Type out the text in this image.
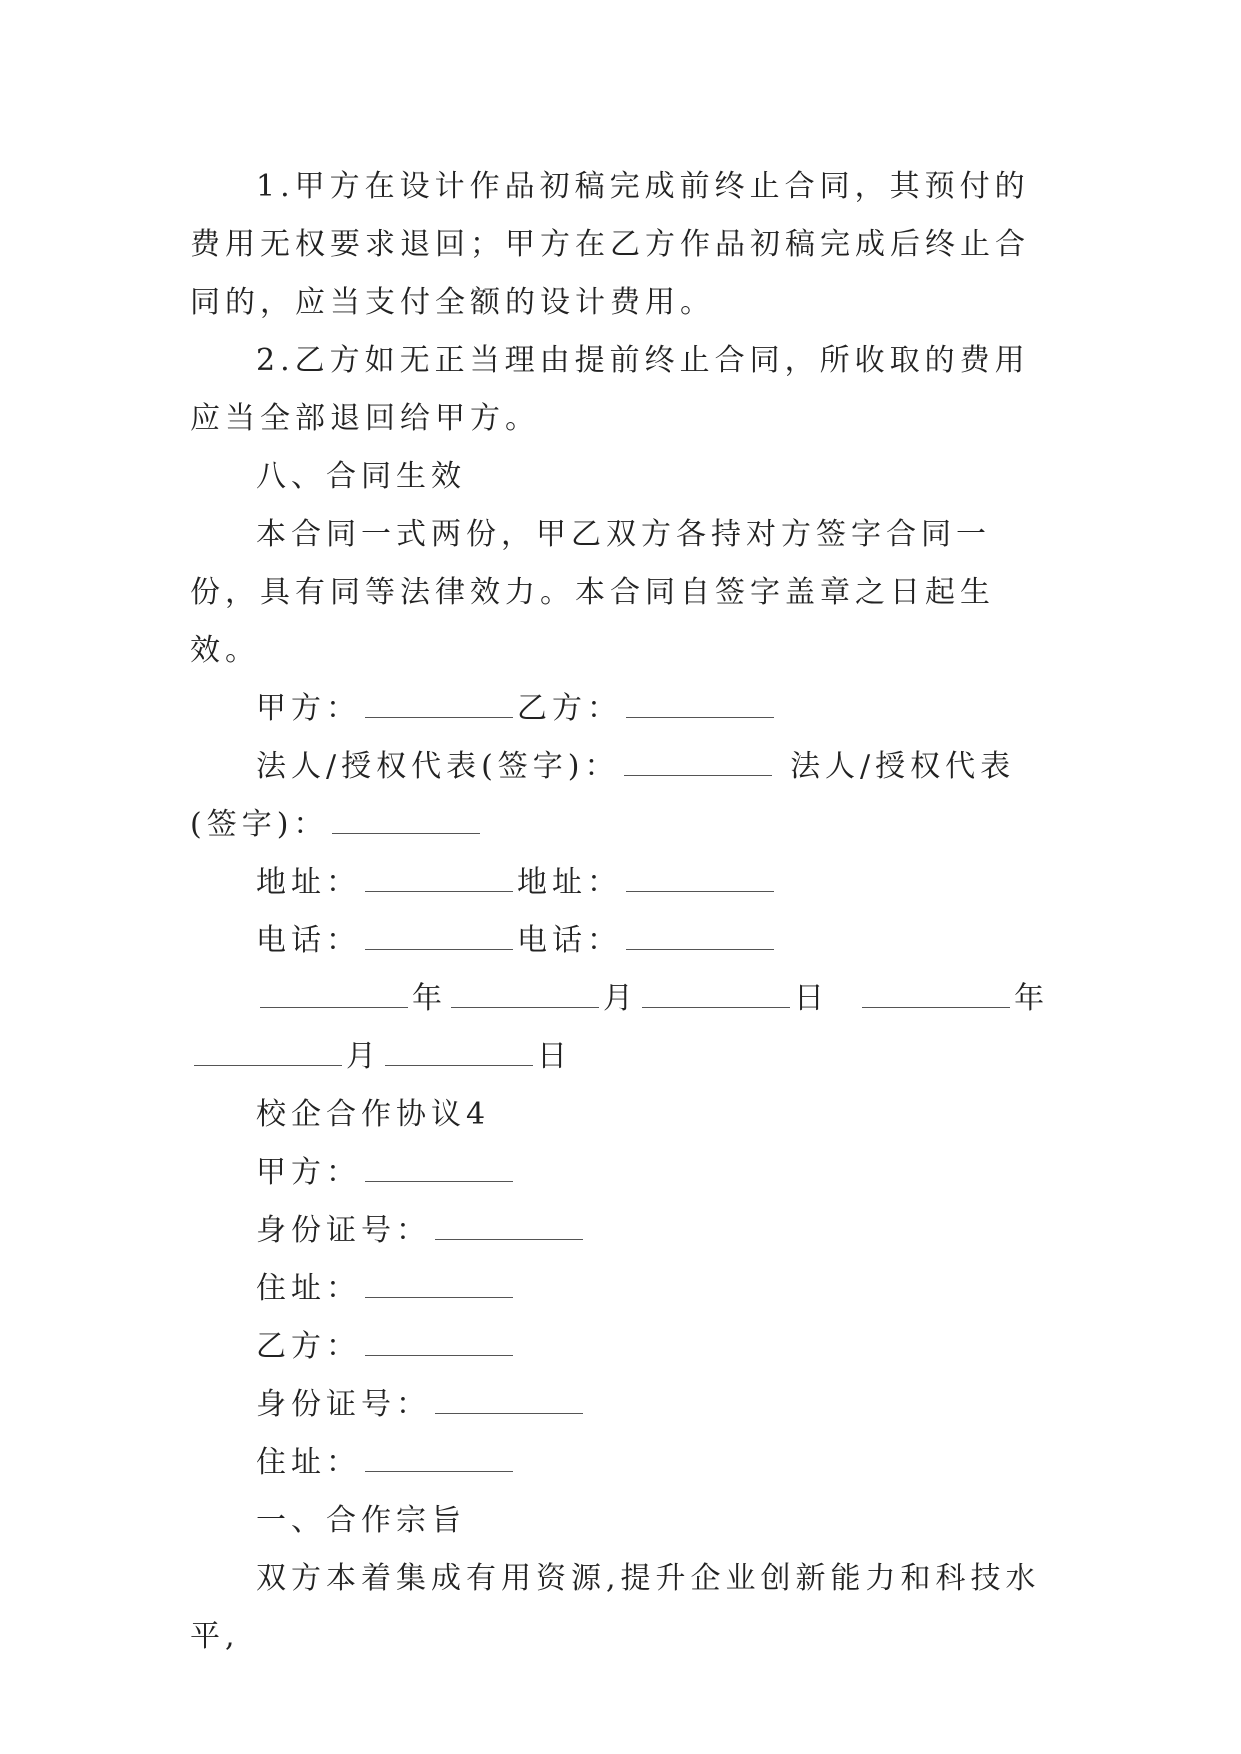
1.甲方在设计作品初稿完成前终止合同，其预付的费用无权要求退回；甲方在乙方作品初稿完成后终止合同的，应当支付全额的设计费用。

2.乙方如无正当理由提前终止合同，所收取的费用应当全部退回给甲方。

八、合同生效

本合同一式两份，甲乙双方各持对方签字合同一份，具有同等法律效力。本合同自签字盖章之日起生效。

甲方：	乙方：

法人/授权代表(签字)：	法人/授权代表(签字)：

地址：	地址：

电话：	电话：

年	月	日	年月	日

校企合作协议4

甲方：

身份证号：

住址：

乙方：

身份证号：

住址：

一、合作宗旨

双方本着集成有用资源,提升企业创新能力和科技水平,
